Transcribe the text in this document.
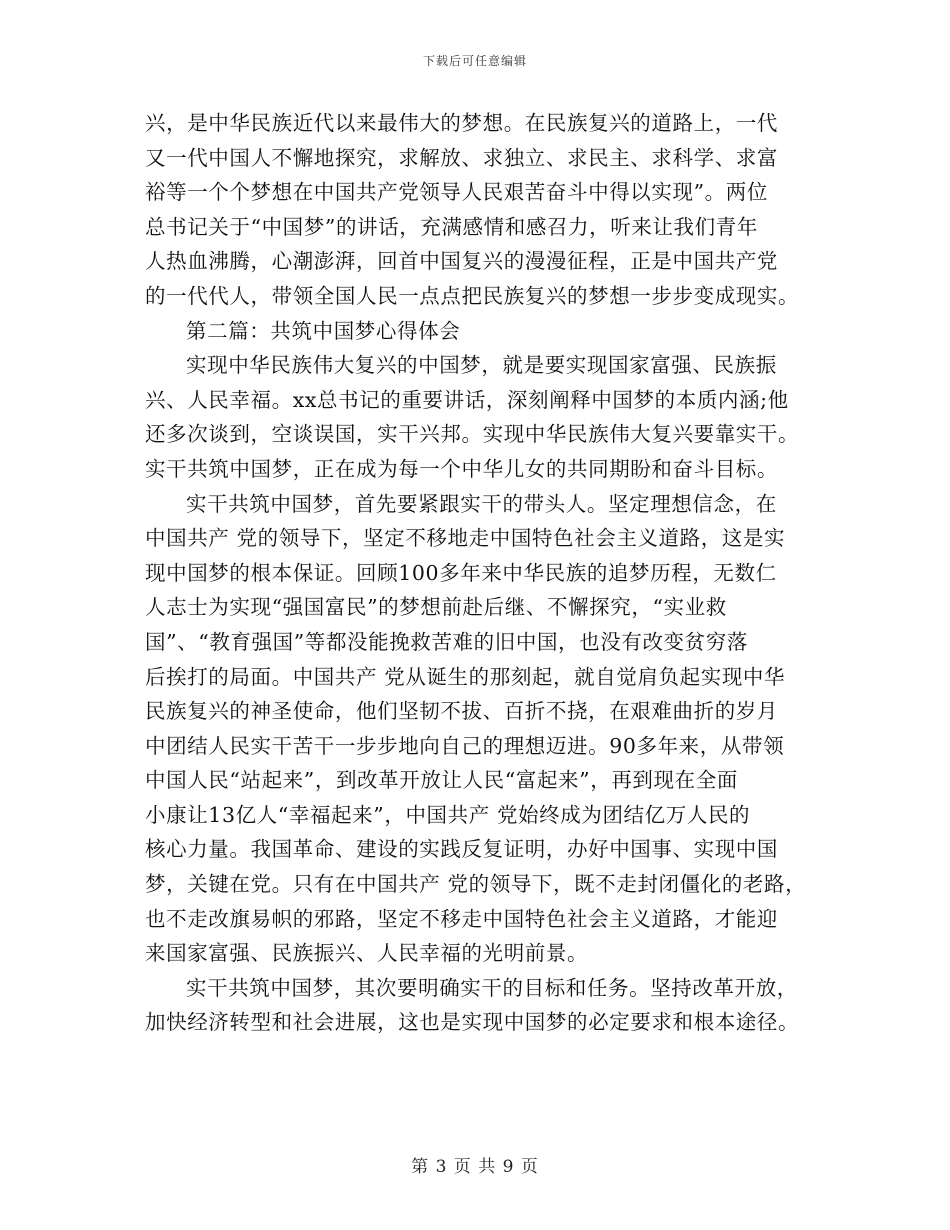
下载后可任意编辑
兴，是中华民族近代以来最伟大的梦想。在民族复兴的道路上，一代
又一代中国人不懈地探究，求解放、求独立、求民主、求科学、求富
裕等一个个梦想在中国共产党领导人民艰苦奋斗中得以实现”。两位
总书记关于“中国梦”的讲话，充满感情和感召力，听来让我们青年
人热血沸腾，心潮澎湃，回首中国复兴的漫漫征程，正是中国共产党
的一代代人，带领全国人民一点点把民族复兴的梦想一步步变成现实。
第二篇：共筑中国梦心得体会
实现中华民族伟大复兴的中国梦，就是要实现国家富强、民族振
兴、人民幸福。xx总书记的重要讲话，深刻阐释中国梦的本质内涵;他
还多次谈到，空谈误国，实干兴邦。实现中华民族伟大复兴要靠实干。
实干共筑中国梦，正在成为每一个中华儿女的共同期盼和奋斗目标。
实干共筑中国梦，首先要紧跟实干的带头人。坚定理想信念，在
中国共产 党的领导下，坚定不移地走中国特色社会主义道路，这是实
现中国梦的根本保证。回顾100多年来中华民族的追梦历程，无数仁
人志士为实现“强国富民”的梦想前赴后继、不懈探究，“实业救
国”、“教育强国”等都没能挽救苦难的旧中国，也没有改变贫穷落
后挨打的局面。中国共产 党从诞生的那刻起，就自觉肩负起实现中华
民族复兴的神圣使命，他们坚韧不拔、百折不挠，在艰难曲折的岁月
中团结人民实干苦干一步步地向自己的理想迈进。90多年来，从带领
中国人民“站起来”，到改革开放让人民“富起来”，再到现在全面
小康让13亿人“幸福起来”，中国共产 党始终成为团结亿万人民的
核心力量。我国革命、建设的实践反复证明，办好中国事、实现中国
梦，关键在党。只有在中国共产 党的领导下，既不走封闭僵化的老路，
也不走改旗易帜的邪路，坚定不移走中国特色社会主义道路，才能迎
来国家富强、民族振兴、人民幸福的光明前景。
实干共筑中国梦，其次要明确实干的目标和任务。坚持改革开放，
加快经济转型和社会进展，这也是实现中国梦的必定要求和根本途径。
第 3 页 共 9 页
